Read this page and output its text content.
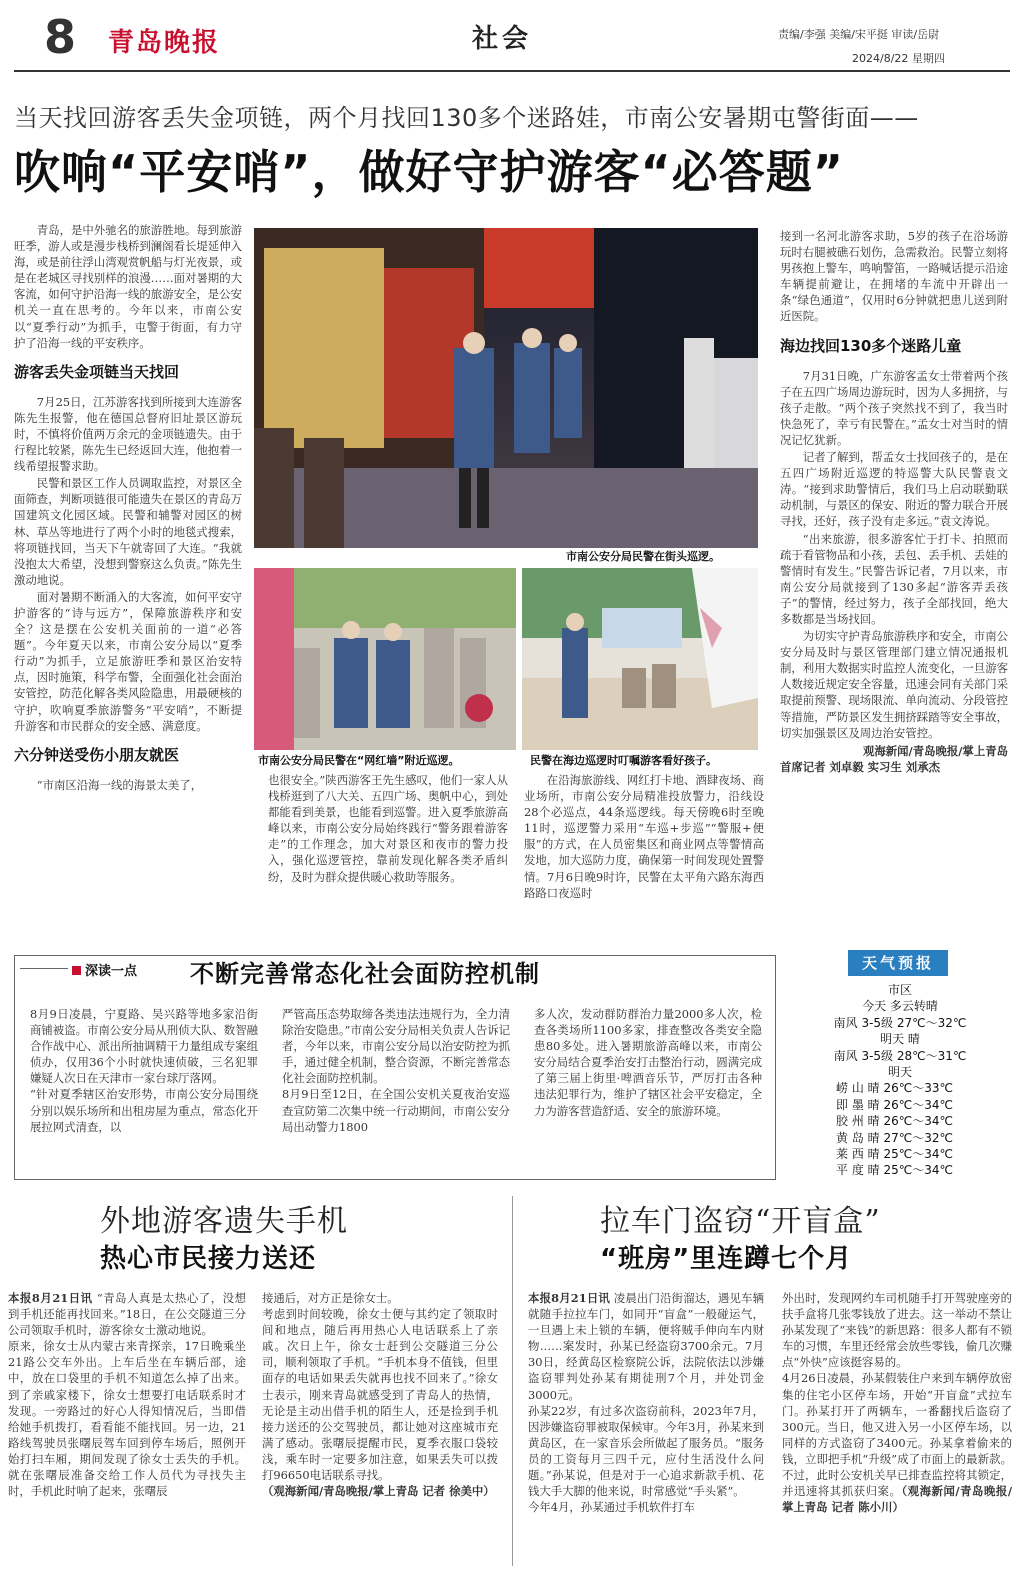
8 青岛晚报	社会	责编/李强 美编/宋平挺 审读/岳尉
2024/8/22 星期四
当天找回游客丢失金项链，两个月找回130多个迷路娃，市南公安暑期屯警街面——
吹响“平安哨”，做好守护游客“必答题”

青岛，是中外驰名的旅游胜地。每到旅游旺季，游人或是漫步栈桥到澜阁看长堤延伸入海，或是前往浮山湾观赏帆船与灯光夜景，或是在老城区寻找别样的浪漫……面对暑期的大客流，如何守护沿海一线的旅游安全，是公安机关一直在思考的。今年以来，市南公安以“夏季行动”为抓手，屯警于街面，有力守护了沿海一线的平安秩序。

游客丢失金项链当天找回

7月25日，江苏游客找到所接到大连游客陈先生报警，他在德国总督府旧址景区游玩时，不慎将价值两万余元的金项链遗失。由于行程比较紧，陈先生已经返回大连，他抱着一线希望报警求助。

民警和景区工作人员调取监控，对景区全面筛查，判断项链很可能遗失在景区的青岛万国建筑文化园区域。民警和辅警对园区的树林、草丛等地进行了两个小时的地毯式搜索，将项链找回，当天下午就寄回了大连。“我就没抱太大希望，没想到警察这么负责。”陈先生激动地说。

面对暑期不断涌入的大客流，如何平安守护游客的“诗与远方”，保障旅游秩序和安全？这是摆在公安机关面前的一道“必答题”。今年夏天以来，市南公安分局以“夏季行动”为抓手，立足旅游旺季和景区治安特点，因时施策，科学布警，全面强化社会面治安管控，防范化解各类风险隐患，用最硬核的守护，吹响夏季旅游警务“平安哨”，不断提升游客和市民群众的安全感、满意度。

六分钟送受伤小朋友就医

“市南区沿海一线的海景太美了，

市南公安分局民警在街头巡逻。
市南公安分局民警在“网红墙”附近巡逻。	民警在海边巡逻时叮嘱游客看好孩子。

也很安全。”陕西游客王先生感叹，他们一家人从栈桥逛到了八大关、五四广场、奥帆中心，到处都能看到美景，也能看到巡警。进入夏季旅游高峰以来，市南公安分局始终践行“警务跟着游客走”的工作理念，加大对景区和夜市的警力投入，强化巡逻管控，靠前发现化解各类矛盾纠纷，及时为群众提供暖心救助等服务。

在沿海旅游线、网红打卡地、酒肆夜场、商业场所，市南公安分局精准投放警力，沿线设28个必巡点，44条巡逻线。每天傍晚6时至晚11时，巡逻警力采用“车巡+步巡”“警服+便服”的方式，在人员密集区和商业网点等警情高发地，加大巡防力度，确保第一时间发现处置警情。7月6日晚9时许，民警在太平角六路东海西路路口夜巡时

接到一名河北游客求助，5岁的孩子在浴场游玩时右腿被礁石划伤，急需救治。民警立刻将男孩抱上警车，鸣响警笛，一路喊话提示沿途车辆提前避让，在拥堵的车流中开辟出一条“绿色通道”，仅用时6分钟就把患儿送到附近医院。

海边找回130多个迷路儿童

7月31日晚，广东游客孟女士带着两个孩子在五四广场周边游玩时，因为人多拥挤，与孩子走散。“两个孩子突然找不到了，我当时快急死了，幸亏有民警在。”孟女士对当时的情况记忆犹新。

记者了解到，帮孟女士找回孩子的，是在五四广场附近巡逻的特巡警大队民警袁文涛。“接到求助警情后，我们马上启动联勤联动机制，与景区的保安、附近的警力联合开展寻找，还好，孩子没有走多远。”袁文涛说。

“出来旅游，很多游客忙于打卡、拍照而疏于看管物品和小孩，丢包、丢手机、丢娃的警情时有发生。”民警告诉记者，7月以来，市南公安分局就接到了130多起“游客弄丢孩子”的警情，经过努力，孩子全部找回，绝大多数都是当场找回。

为切实守护青岛旅游秩序和安全，市南公安分局及时与景区管理部门建立情况通报机制，利用大数据实时监控人流变化，一旦游客人数接近规定安全容量，迅速会同有关部门采取提前预警、现场限流、单向流动、分段管控等措施，严防景区发生拥挤踩踏等安全事故，切实加强景区及周边治安管控。

观海新闻/青岛晚报/掌上青岛
首席记者 刘卓毅 实习生 刘承杰
深读一点 不断完善常态化社会面防控机制
8月9日凌晨，宁夏路、吴兴路等地多家沿街商铺被盗。市南公安分局从刑侦大队、数智融合作战中心、派出所抽调精干力量组成专案组侦办，仅用36个小时就快速侦破，三名犯罪嫌疑人次日在天津市一家台球厅落网。
“针对夏季辖区治安形势，市南公安分局围绕分别以娱乐场所和出租房屋为重点，常态化开展拉网式清查，以
严管高压态势取缔各类违法违规行为，全力清除治安隐患。”市南公安分局相关负责人告诉记者，今年以来，市南公安分局以治安防控为抓手，通过健全机制，整合资源，不断完善常态化社会面防控机制。
8月9日至12日，在全国公安机关夏夜治安巡查宣防第二次集中统一行动期间，市南公安分局出动警力1800
多人次，发动群防群治力量2000多人次，检查各类场所1100多家，排查整改各类安全隐患80多处。进入暑期旅游高峰以来，市南公安分局结合夏季治安打击整治行动，圆满完成了第三届上街里·啤酒音乐节，严厉打击各种违法犯罪行为，维护了辖区社会平安稳定，全力为游客营造舒适、安全的旅游环境。
天气预报
市区
今天 多云转晴
南风 3-5级 27℃～32℃
明天 晴
南风 3-5级 28℃～31℃
明天
崂 山 晴 26℃～33℃
即 墨 晴 26℃～34℃
胶 州 晴 26℃～34℃
黄 岛 晴 27℃～32℃
莱 西 晴 25℃～34℃
平 度 晴 25℃～34℃
外地游客遗失手机
热心市民接力送还
本报8月21日讯 “青岛人真是太热心了，没想到手机还能再找回来。”18日，在公交隧道三分公司领取手机时，游客徐女士激动地说。
原来，徐女士从内蒙古来青探亲，17日晚乘坐21路公交车外出。上车后坐在车辆后部，途中，放在口袋里的手机不知道怎么掉了出来。到了亲戚家楼下，徐女士想要打电话联系时才发现。一旁路过的好心人得知情况后，当即借给她手机拨打，看看能不能找回。另一边，21路线驾驶员张曙辰驾车回到停车场后，照例开始打扫车厢，期间发现了徐女士丢失的手机。就在张曙辰准备交给工作人员代为寻找失主时，手机此时响了起来，张曙辰
接通后，对方正是徐女士。
考虑到时间较晚，徐女士便与其约定了领取时间和地点，随后再用热心人电话联系上了亲戚。次日上午，徐女士赶到公交隧道三分公司，顺利领取了手机。“手机本身不值钱，但里面存的电话如果丢失就再也找不回来了。”徐女士表示，刚来青岛就感受到了青岛人的热情，无论是主动出借手机的陌生人，还是捡到手机接力送还的公交驾驶员，都让她对这座城市充满了感动。张曙辰提醒市民，夏季衣服口袋较浅，乘车时一定要多加注意，如果丢失可以拨打96650电话联系寻找。
（观海新闻/青岛晚报/掌上青岛 记者 徐美中）
拉车门盗窃“开盲盒”
“班房”里连蹲七个月
本报8月21日讯 凌晨出门沿街溜达，遇见车辆就随手拉拉车门，如同开“盲盒”一般碰运气，一旦遇上未上锁的车辆，便将贼手伸向车内财物……案发时，孙某已经盗窃3700余元。7月30日，经黄岛区检察院公诉，法院依法以涉嫌盗窃罪判处孙某有期徒刑7个月，并处罚金3000元。
孙某22岁，有过多次盗窃前科，2023年7月，因涉嫌盗窃罪被取保候审。今年3月，孙某来到黄岛区，在一家音乐会所做起了服务员。“服务员的工资每月三四千元，应付生活没什么问题。”孙某说，但是对于一心追求新款手机、花钱大手大脚的他来说，时常感觉“手头紧”。
今年4月，孙某通过手机软件打车
外出时，发现网约车司机随手打开驾驶座旁的扶手盒将几张零钱放了进去。这一举动不禁让孙某发现了“来钱”的新思路：很多人都有不锁车的习惯，车里还经常会放些零钱，偷几次赚点“外快”应该挺容易的。
4月26日凌晨，孙某假装住户来到车辆停放密集的住宅小区停车场，开始“开盲盒”式拉车门。孙某打开了两辆车，一番翻找后盗窃了300元。当日，他又进入另一小区停车场，以同样的方式盗窃了3400元。孙某拿着偷来的钱，立即把手机“升级”成了市面上的最新款。不过，此时公安机关早已排查监控将其锁定，并迅速将其抓获归案。（观海新闻/青岛晚报/掌上青岛 记者 陈小川）
